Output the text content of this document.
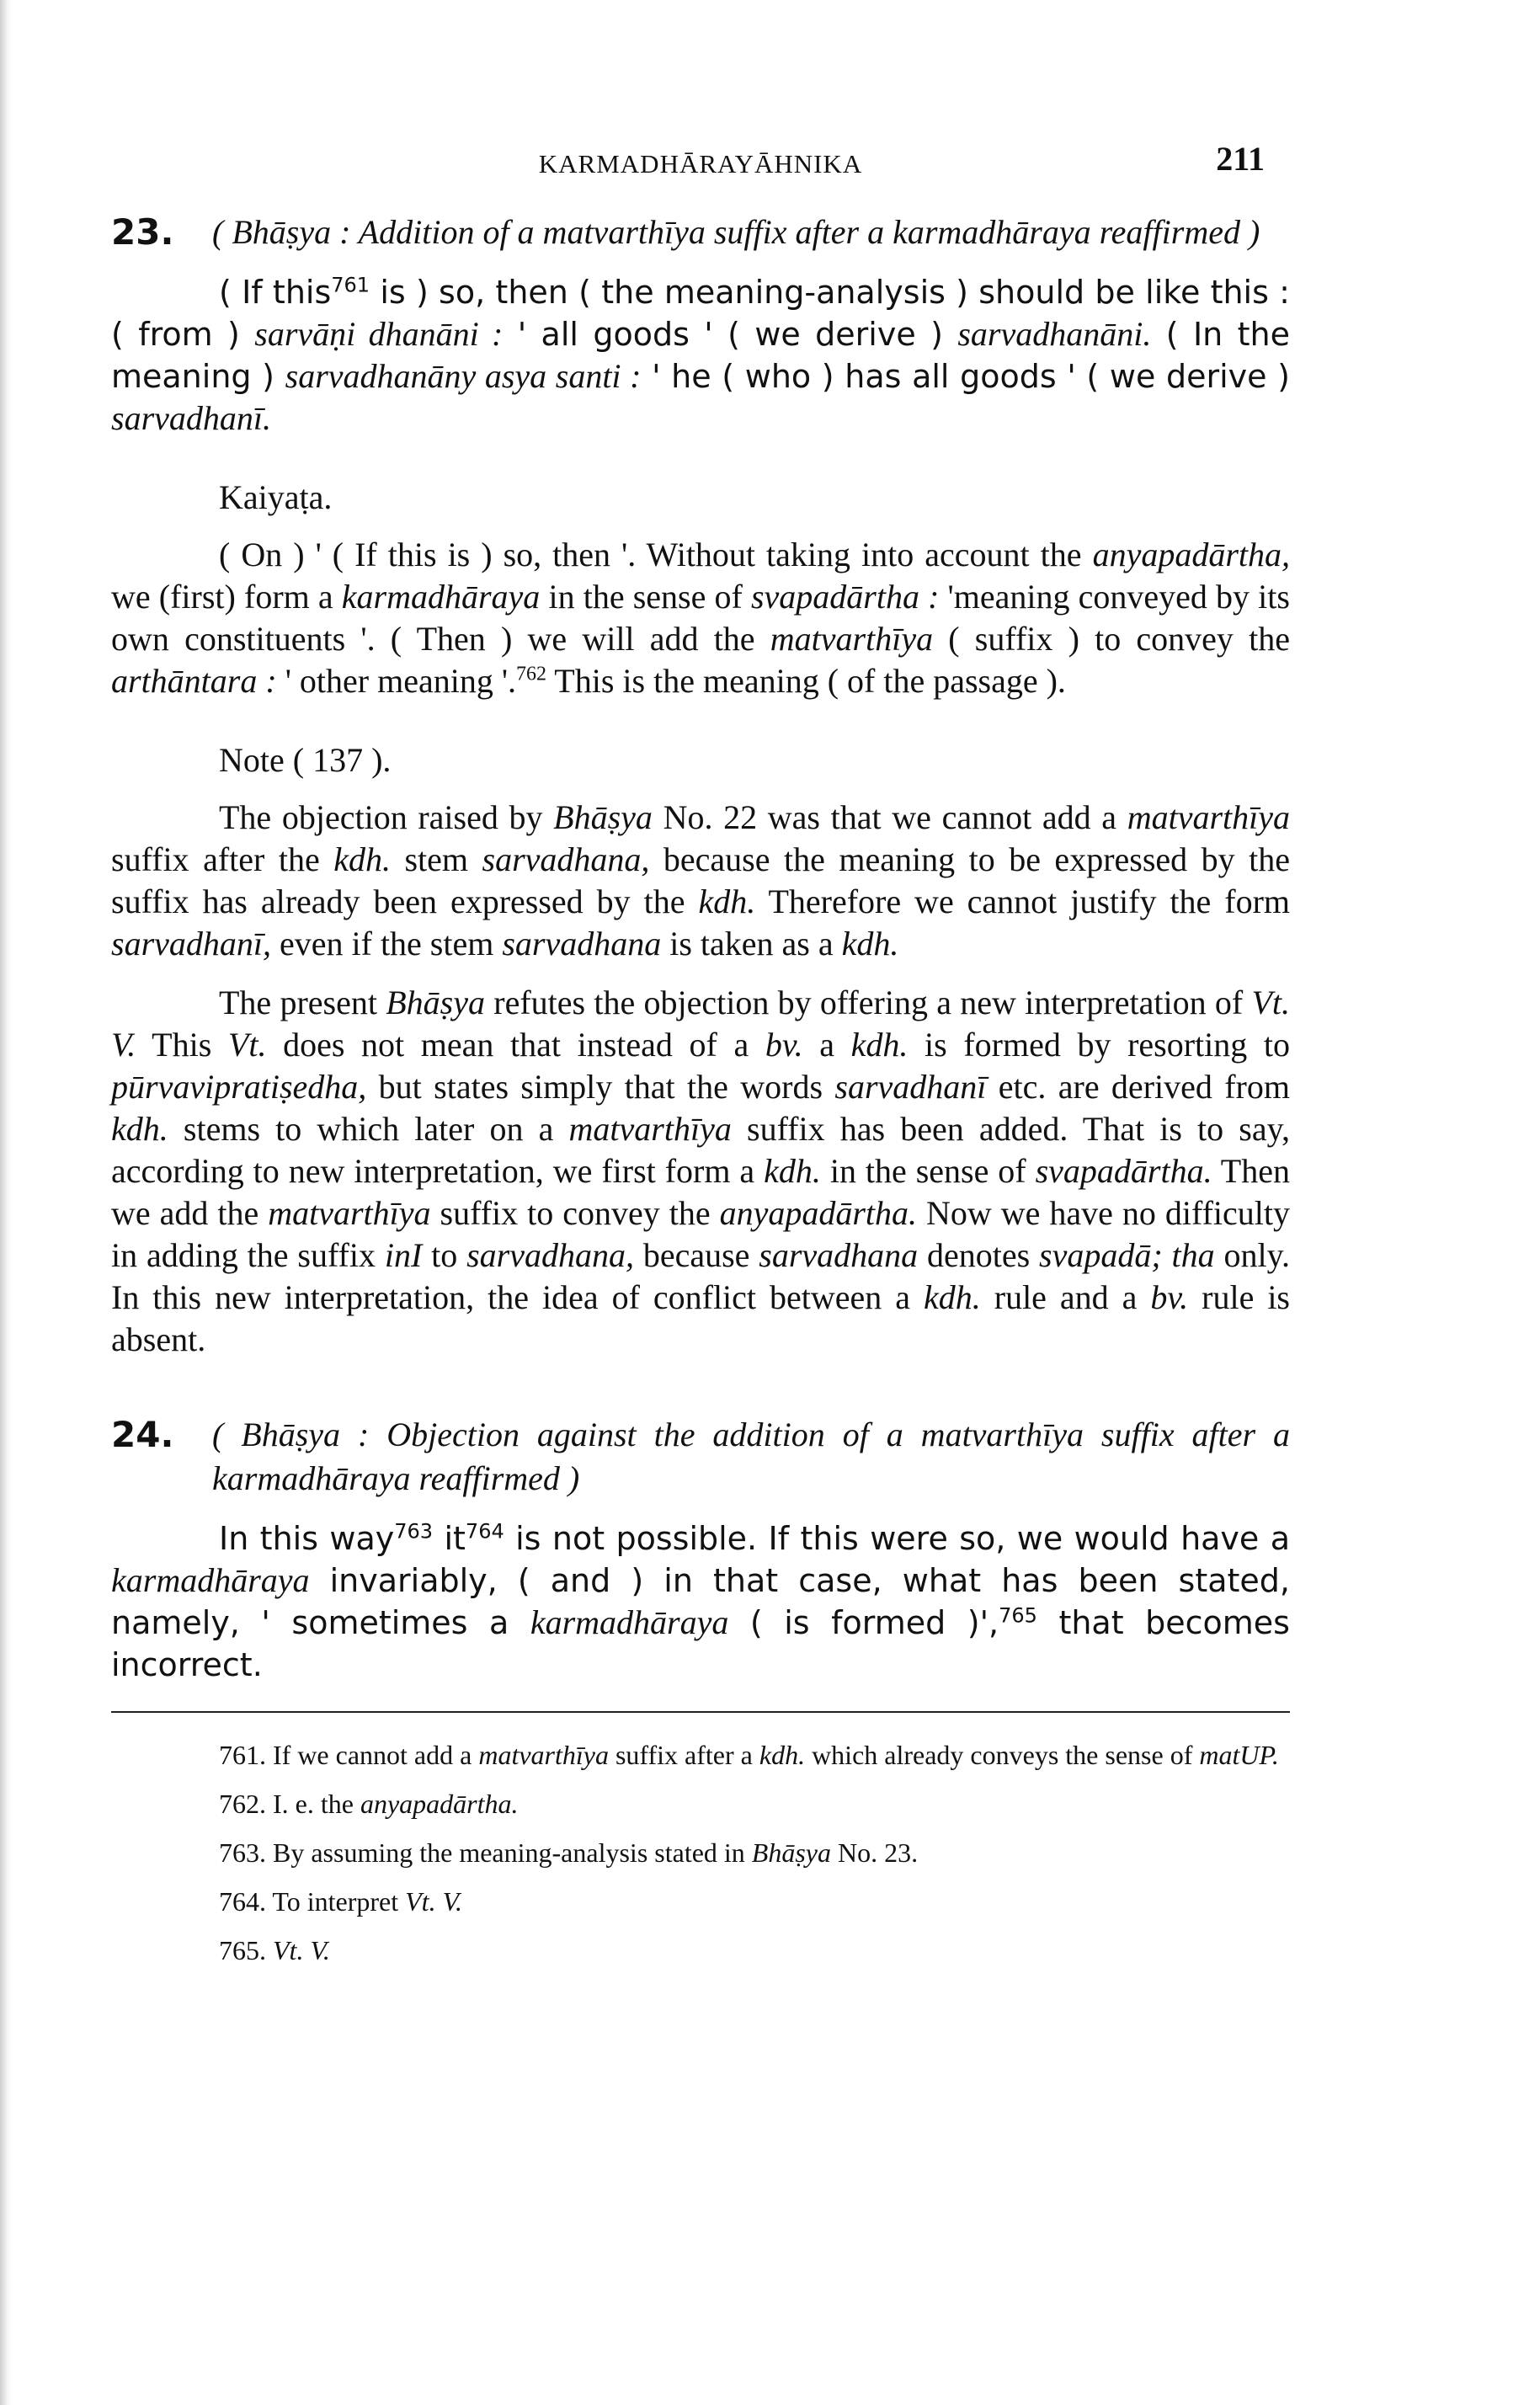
KARMADHĀRAYĀHNIKA	211
23.	( Bhāṣya : Addition of a matvarthīya suffix after a karmadhāraya reaffirmed )

( If this$^{761}$ is ) so, then ( the meaning-analysis ) should be like this : ( from ) sarvāṇi dhanāni : ' all goods ' ( we derive ) sarvadhanāni. ( In the meaning ) sarvadhanāny asya santi : ' he ( who ) has all goods ' ( we derive ) sarvadhanī.

Kaiyaṭa.

( On ) ' ( If this is ) so, then '. Without taking into account the anyapadārtha, we (first) form a karmadhāraya in the sense of svapadārtha : 'meaning conveyed by its own constituents '. ( Then ) we will add the matvarthīya ( suffix ) to convey the arthāntara : ' other meaning '.$^{762}$ This is the meaning ( of the passage ).

Note ( 137 ).

The objection raised by Bhāṣya No. 22 was that we cannot add a matvarthīya suffix after the kdh. stem sarvadhana, because the meaning to be expressed by the suffix has already been expressed by the kdh. Therefore we cannot justify the form sarvadhanī, even if the stem sarvadhana is taken as a kdh.

The present Bhāṣya refutes the objection by offering a new interpretation of Vt. V. This Vt. does not mean that instead of a bv. a kdh. is formed by resorting to pūrvavipratiṣedha, but states simply that the words sarvadhanī etc. are derived from kdh. stems to which later on a matvarthīya suffix has been added. That is to say, according to new interpretation, we first form a kdh. in the sense of svapadārtha. Then we add the matvarthīya suffix to convey the anyapadārtha. Now we have no difficulty in adding the suffix inI to sarvadhana, because sarvadhana denotes svapadā; tha only. In this new interpretation, the idea of conflict between a kdh. rule and a bv. rule is absent.

24.	( Bhāṣya : Objection against the addition of a matvarthīya suffix after a karmadhāraya reaffirmed )

In this way$^{763}$ $it^{764}$ is not possible. If this were so, we would have a karmadhāraya invariably, ( and ) in that case, what has been stated, namely, ' sometimes a karmadhāraya ( is formed )',$^{765}$ that becomes incorrect.

761. If we cannot add a matvarthīya suffix after a kdh. which already conveys the sense of matUP.

762. I. e. the anyapadārtha.

763. By assuming the meaning-analysis stated in Bhāṣya No. 23.

764. To interpret Vt. V.

765. Vt. V.
